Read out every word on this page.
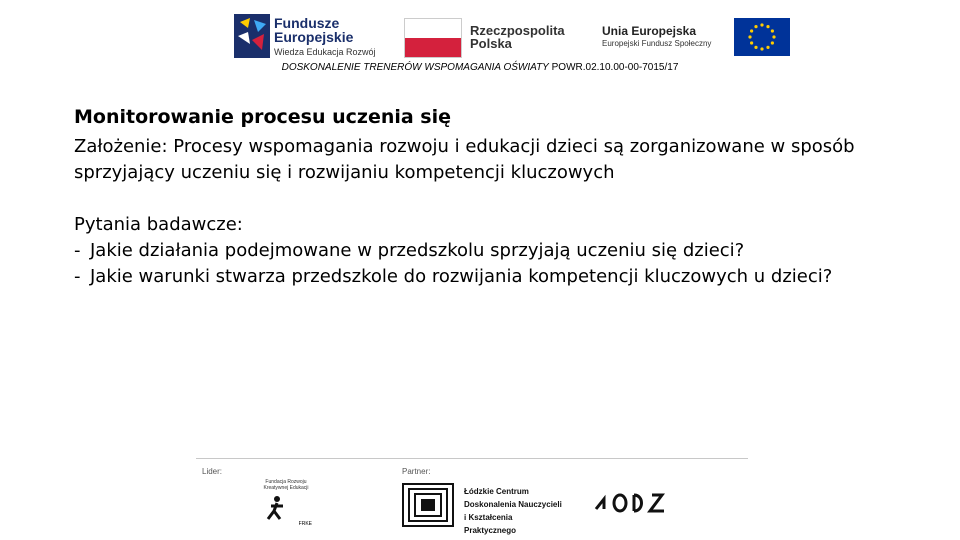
Fundusze
Europejskie
Wiedza Edukacja Rozwój
Rzeczpospolita
Polska
Unia Europejska
Europejski Fundusz Społeczny
DOSKONALENIE TRENERÓW WSPOMAGANIA OŚWIATY POWR.02.10.00-00-7015/17
Monitorowanie procesu uczenia się

Założenie: Procesy wspomagania rozwoju i edukacji dzieci są zorganizowane w sposób sprzyjający uczeniu się i rozwijaniu kompetencji kluczowych

Pytania badawcze:
- Jakie działania podejmowane w przedszkolu sprzyjają uczeniu się dzieci?
- Jakie warunki stwarza przedszkole do rozwijania kompetencji kluczowych u dzieci?
Lider:	Partner:
Fundacja Rozwoju Kreatywnej Edukacji
FRKE
Łódzkie Centrum
Doskonalenia Nauczycieli
i Kształcenia Praktycznego
